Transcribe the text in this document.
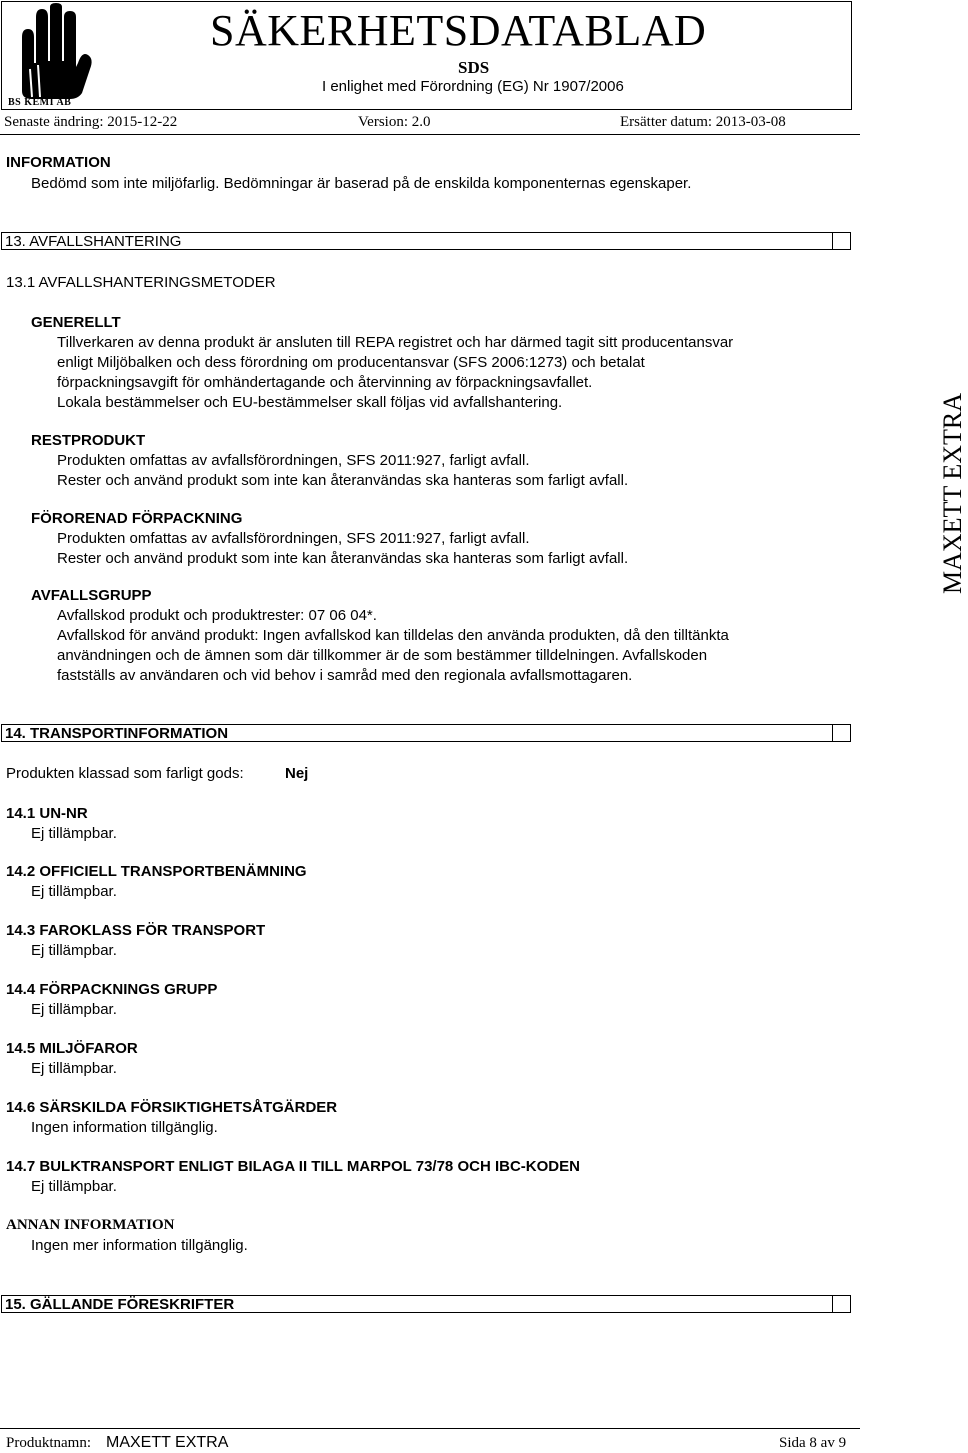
BS KEMI AB
SÄKERHETSDATABLAD
SDS
I enlighet med Förordning (EG) Nr 1907/2006
Senaste ändring: 2015-12-22	Version: 2.0	Ersätter datum: 2013-03-08
INFORMATION
Bedömd som inte miljöfarlig. Bedömningar är baserad på de enskilda komponenternas egenskaper.
13. AVFALLSHANTERING
13.1 AVFALLSHANTERINGSMETODER
GENERELLT
Tillverkaren av denna produkt är ansluten till REPA registret och har därmed tagit sitt producentansvar
enligt Miljöbalken och dess förordning om producentansvar (SFS 2006:1273) och betalat
förpackningsavgift för omhändertagande och återvinning av förpackningsavfallet.
Lokala bestämmelser och EU-bestämmelser skall följas vid avfallshantering.
RESTPRODUKT
Produkten omfattas av avfallsförordningen, SFS 2011:927, farligt avfall.
Rester och använd produkt som inte kan återanvändas ska hanteras som farligt avfall.
FÖRORENAD FÖRPACKNING
Produkten omfattas av avfallsförordningen, SFS 2011:927, farligt avfall.
Rester och använd produkt som inte kan återanvändas ska hanteras som farligt avfall.
AVFALLSGRUPP
Avfallskod produkt och produktrester: 07 06 04*.
Avfallskod för använd produkt: Ingen avfallskod kan tilldelas den använda produkten, då den tilltänkta
användningen och de ämnen som där tillkommer är de som bestämmer tilldelningen. Avfallskoden
fastställs av användaren och vid behov i samråd med den regionala avfallsmottagaren.
MAXETT EXTRA
14. TRANSPORTINFORMATION
Produkten klassad som farligt gods:	Nej
14.1 UN-NR
Ej tillämpbar.
14.2 OFFICIELL TRANSPORTBENÄMNING
Ej tillämpbar.
14.3 FAROKLASS FÖR TRANSPORT
Ej tillämpbar.
14.4 FÖRPACKNINGS GRUPP
Ej tillämpbar.
14.5 MILJÖFAROR
Ej tillämpbar.
14.6 SÄRSKILDA FÖRSIKTIGHETSÅTGÄRDER
Ingen information tillgänglig.
14.7 BULKTRANSPORT ENLIGT BILAGA II TILL MARPOL 73/78 OCH IBC-KODEN
Ej tillämpbar.
ANNAN INFORMATION
Ingen mer information tillgänglig.
15. GÄLLANDE FÖRESKRIFTER
Produktnamn: MAXETT EXTRA	Sida 8 av 9
